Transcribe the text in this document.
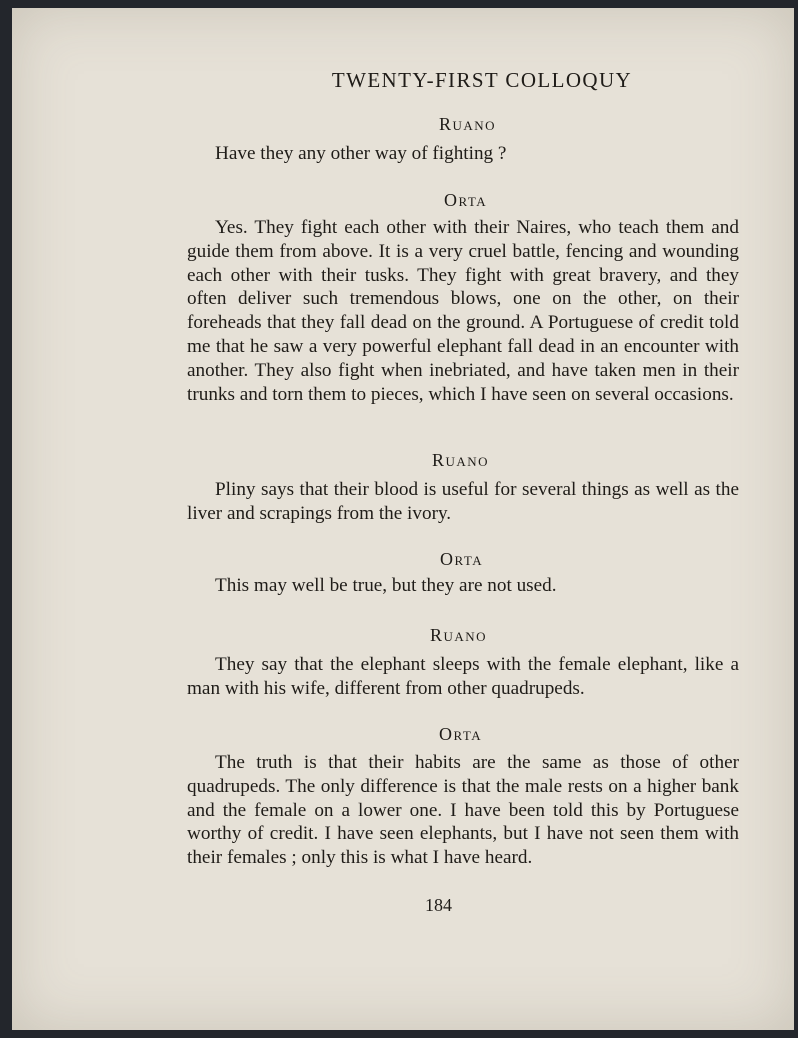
TWENTY-FIRST COLLOQUY
Ruano
Have they any other way of fighting ?
Orta
Yes. They fight each other with their Naires, who teach them and guide them from above. It is a very cruel battle, fencing and wounding each other with their tusks. They fight with great bravery, and they often deliver such tremendous blows, one on the other, on their foreheads that they fall dead on the ground. A Portuguese of credit told me that he saw a very powerful elephant fall dead in an encounter with another. They also fight when inebriated, and have taken men in their trunks and torn them to pieces, which I have seen on several occasions.
Ruano
Pliny says that their blood is useful for several things as well as the liver and scrapings from the ivory.
Orta
This may well be true, but they are not used.
Ruano
They say that the elephant sleeps with the female elephant, like a man with his wife, different from other quadrupeds.
Orta
The truth is that their habits are the same as those of other quadrupeds. The only difference is that the male rests on a higher bank and the female on a lower one. I have been told this by Portuguese worthy of credit. I have seen elephants, but I have not seen them with their females ; only this is what I have heard.
184
